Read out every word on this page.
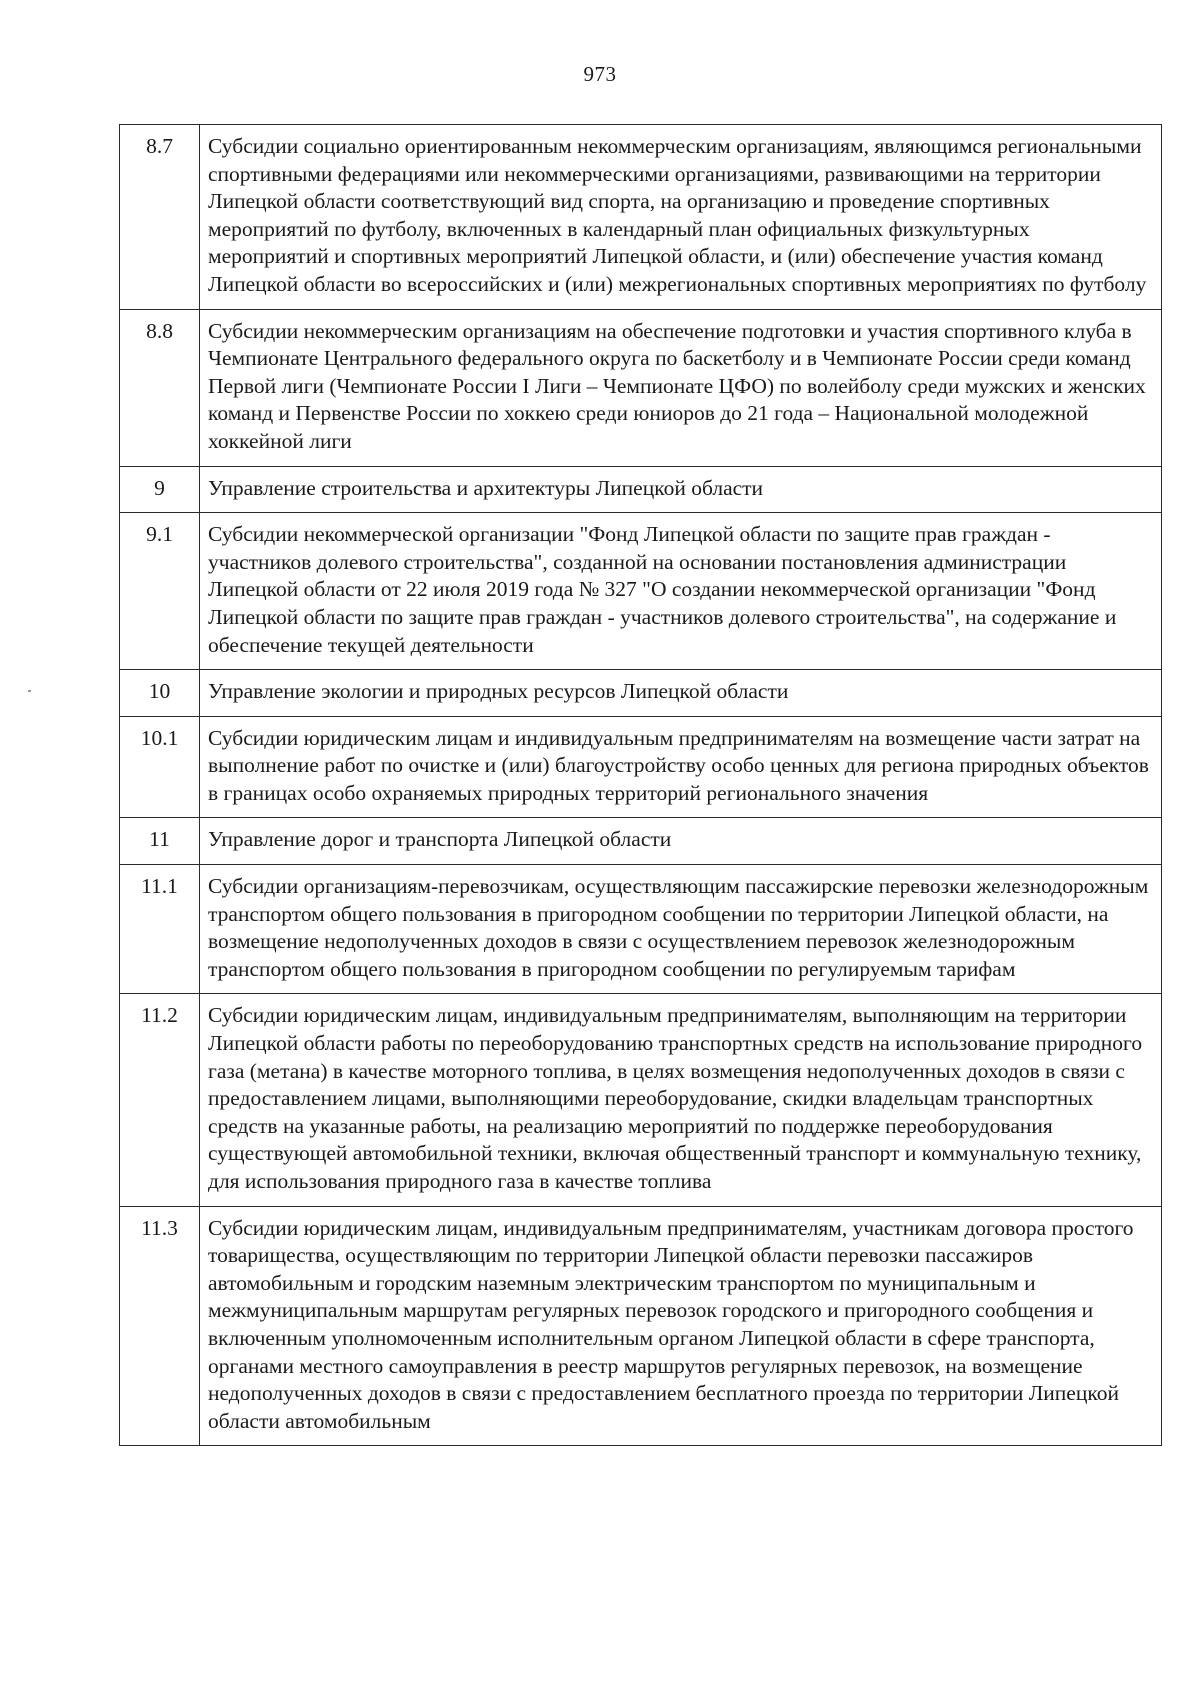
973
8.7	Субсидии социально ориентированным некоммерческим организациям, являющимся региональными спортивными федерациями или некоммерческими организациями, развивающими на территории Липецкой области соответствующий вид спорта, на организацию и проведение спортивных мероприятий по футболу, включенных в календарный план официальных физкультурных мероприятий и спортивных мероприятий Липецкой области, и (или) обеспечение участия команд Липецкой области во всероссийских и (или) межрегиональных спортивных мероприятиях по футболу
8.8	Субсидии некоммерческим организациям на обеспечение подготовки и участия спортивного клуба в Чемпионате Центрального федерального округа по баскетболу и в Чемпионате России среди команд Первой лиги (Чемпионате России I Лиги – Чемпионате ЦФО) по волейболу среди мужских и женских команд и Первенстве России по хоккею среди юниоров до 21 года – Национальной молодежной хоккейной лиги
9	Управление строительства и архитектуры Липецкой области
9.1	Субсидии некоммерческой организации "Фонд Липецкой области по защите прав граждан - участников долевого строительства", созданной на основании постановления администрации Липецкой области от 22 июля 2019 года № 327 "О создании некоммерческой организации "Фонд Липецкой области по защите прав граждан - участников долевого строительства", на содержание и обеспечение текущей деятельности
10	Управление экологии и природных ресурсов Липецкой области
10.1	Субсидии юридическим лицам и индивидуальным предпринимателям на возмещение части затрат на выполнение работ по очистке и (или) благоустройству особо ценных для региона природных объектов в границах особо охраняемых природных территорий регионального значения
11	Управление дорог и транспорта Липецкой области
11.1	Субсидии организациям-перевозчикам, осуществляющим пассажирские перевозки железнодорожным транспортом общего пользования в пригородном сообщении по территории Липецкой области, на возмещение недополученных доходов в связи с осуществлением перевозок железнодорожным транспортом общего пользования в пригородном сообщении по регулируемым тарифам
11.2	Субсидии юридическим лицам, индивидуальным предпринимателям, выполняющим на территории Липецкой области работы по переоборудованию транспортных средств на использование природного газа (метана) в качестве моторного топлива, в целях возмещения недополученных доходов в связи с предоставлением лицами, выполняющими переоборудование, скидки владельцам транспортных средств на указанные работы, на реализацию мероприятий по поддержке переоборудования существующей автомобильной техники, включая общественный транспорт и коммунальную технику, для использования природного газа в качестве топлива
11.3	Субсидии юридическим лицам, индивидуальным предпринимателям, участникам договора простого товарищества, осуществляющим по территории Липецкой области перевозки пассажиров автомобильным и городским наземным электрическим транспортом по муниципальным и межмуниципальным маршрутам регулярных перевозок городского и пригородного сообщения и включенным уполномоченным исполнительным органом Липецкой области в сфере транспорта, органами местного самоуправления в реестр маршрутов регулярных перевозок, на возмещение недополученных доходов в связи с предоставлением бесплатного проезда по территории Липецкой области автомобильным
